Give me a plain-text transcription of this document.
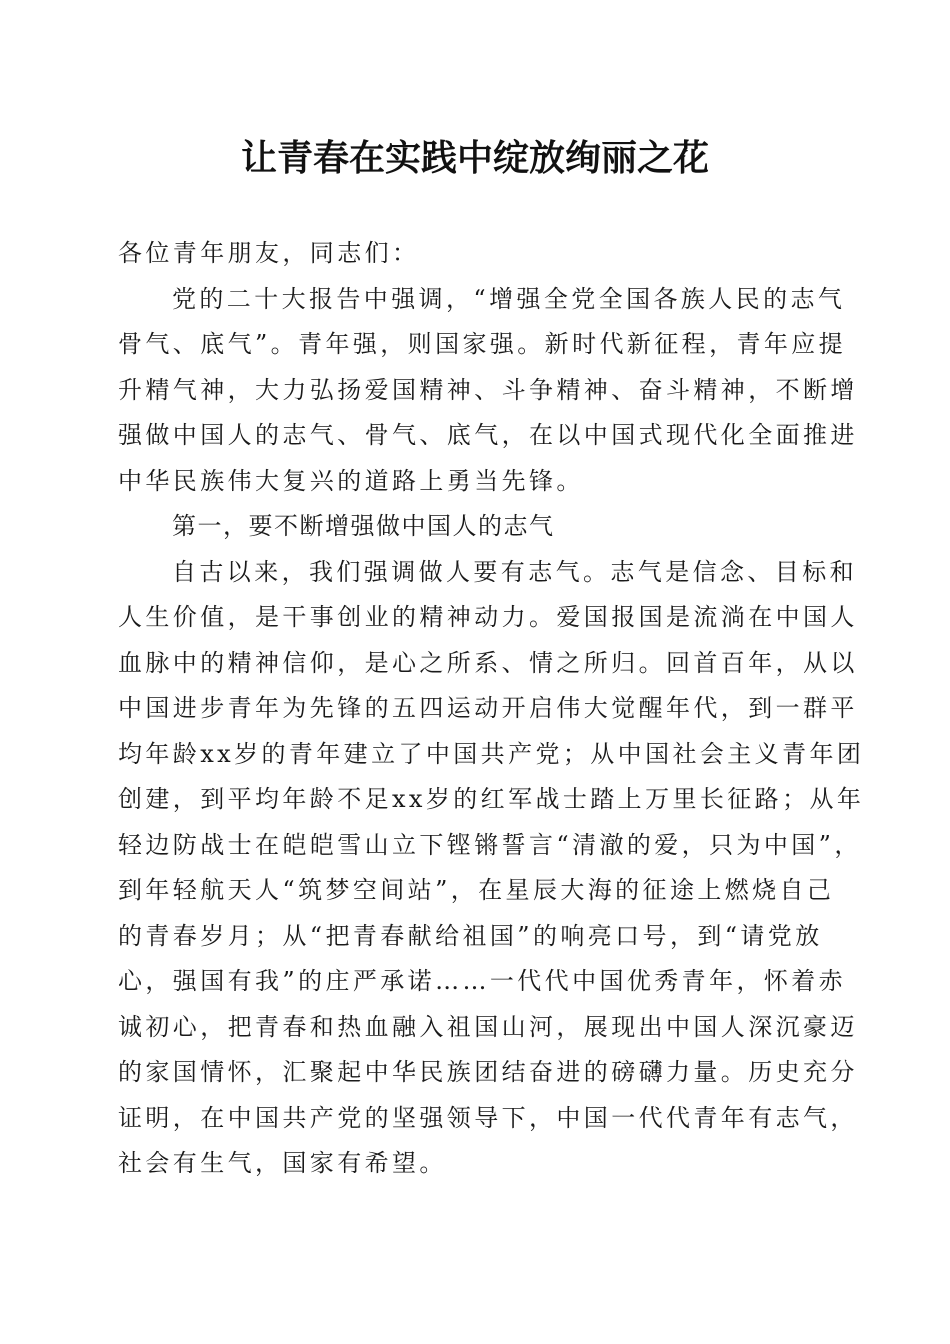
让青春在实践中绽放绚丽之花
各位青年朋友，同志们：
党的二十大报告中强调，“增强全党全国各族人民的志气
骨气、底气”。青年强，则国家强。新时代新征程，青年应提
升精气神，大力弘扬爱国精神、斗争精神、奋斗精神，不断增
强做中国人的志气、骨气、底气，在以中国式现代化全面推进
中华民族伟大复兴的道路上勇当先锋。
第一，要不断增强做中国人的志气
自古以来，我们强调做人要有志气。志气是信念、目标和
人生价值，是干事创业的精神动力。爱国报国是流淌在中国人
血脉中的精神信仰，是心之所系、情之所归。回首百年，从以
中国进步青年为先锋的五四运动开启伟大觉醒年代，到一群平
均年龄xx岁的青年建立了中国共产党；从中国社会主义青年团
创建，到平均年龄不足xx岁的红军战士踏上万里长征路；从年
轻边防战士在皑皑雪山立下铿锵誓言“清澈的爱，只为中国”，
到年轻航天人“筑梦空间站”，在星辰大海的征途上燃烧自己
的青春岁月；从“把青春献给祖国”的响亮口号，到“请党放
心，强国有我”的庄严承诺……一代代中国优秀青年，怀着赤
诚初心，把青春和热血融入祖国山河，展现出中国人深沉豪迈
的家国情怀，汇聚起中华民族团结奋进的磅礴力量。历史充分
证明，在中国共产党的坚强领导下，中国一代代青年有志气，
社会有生气，国家有希望。
